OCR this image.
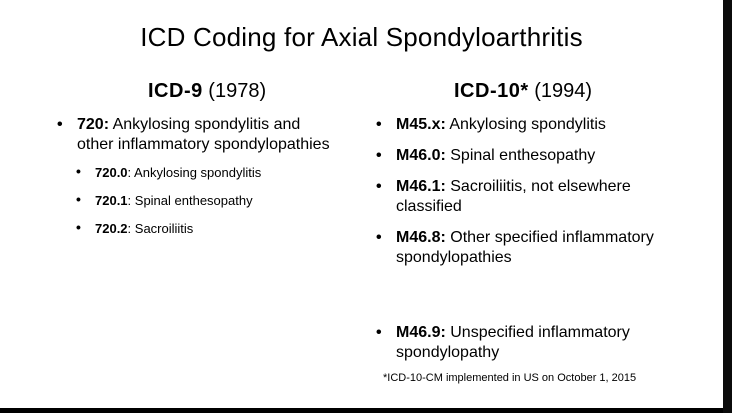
ICD Coding for Axial Spondyloarthritis
ICD-9 (1978)	ICD-10* (1994)
• 720: Ankylosing spondylitis and
other inflammatory spondylopathies
• 720.0: Ankylosing spondylitis
• 720.1: Spinal enthesopathy
• 720.2: Sacroiliitis
• M45.x: Ankylosing spondylitis
• M46.0: Spinal enthesopathy
• M46.1: Sacroiliitis, not elsewhere
classified
• M46.8: Other specified inflammatory
spondylopathies
• M46.9: Unspecified inflammatory
spondylopathy
*ICD-10-CM implemented in US on October 1, 2015
